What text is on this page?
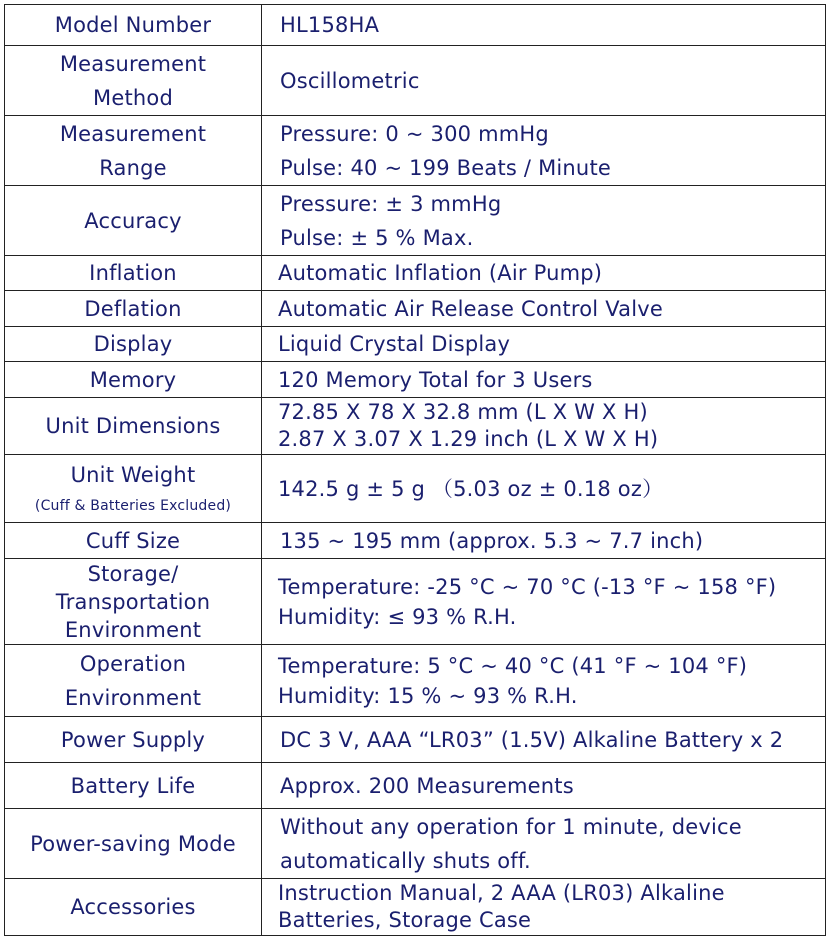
Model Number	HL158HA

Measurement
Method	Oscillometric

Measurement
Range	Pressure: 0 ~ 300 mmHg
Pulse: 40 ~ 199 Beats / Minute

Accuracy	Pressure: ± 3 mmHg
Pulse: ± 5 % Max.

Inflation	Automatic Inflation (Air Pump)

Deflation	Automatic Air Release Control Valve

Display	Liquid Crystal Display

Memory	120 Memory Total for 3 Users

Unit Dimensions	72.85 X 78 X 32.8 mm (L X W X H)
2.87 X 3.07 X 1.29 inch (L X W X H)

Unit Weight
(Cuff & Batteries Excluded)	142.5 g ± 5 g （5.03 oz ± 0.18 oz）

Cuff Size	135 ~ 195 mm (approx. 5.3 ~ 7.7 inch)

Storage/
Transportation
Environment	Temperature: -25 °C ~ 70 °C (-13 °F ~ 158 °F)
Humidity: ≤ 93 % R.H.

Operation
Environment	Temperature: 5 °C ~ 40 °C (41 °F ~ 104 °F)
Humidity: 15 % ~ 93 % R.H.

Power Supply	DC 3 V, AAA “LR03” (1.5V) Alkaline Battery x 2

Battery Life	Approx. 200 Measurements

Power-saving Mode	Without any operation for 1 minute, device
automatically shuts off.

Accessories	Instruction Manual, 2 AAA (LR03) Alkaline
Batteries, Storage Case
